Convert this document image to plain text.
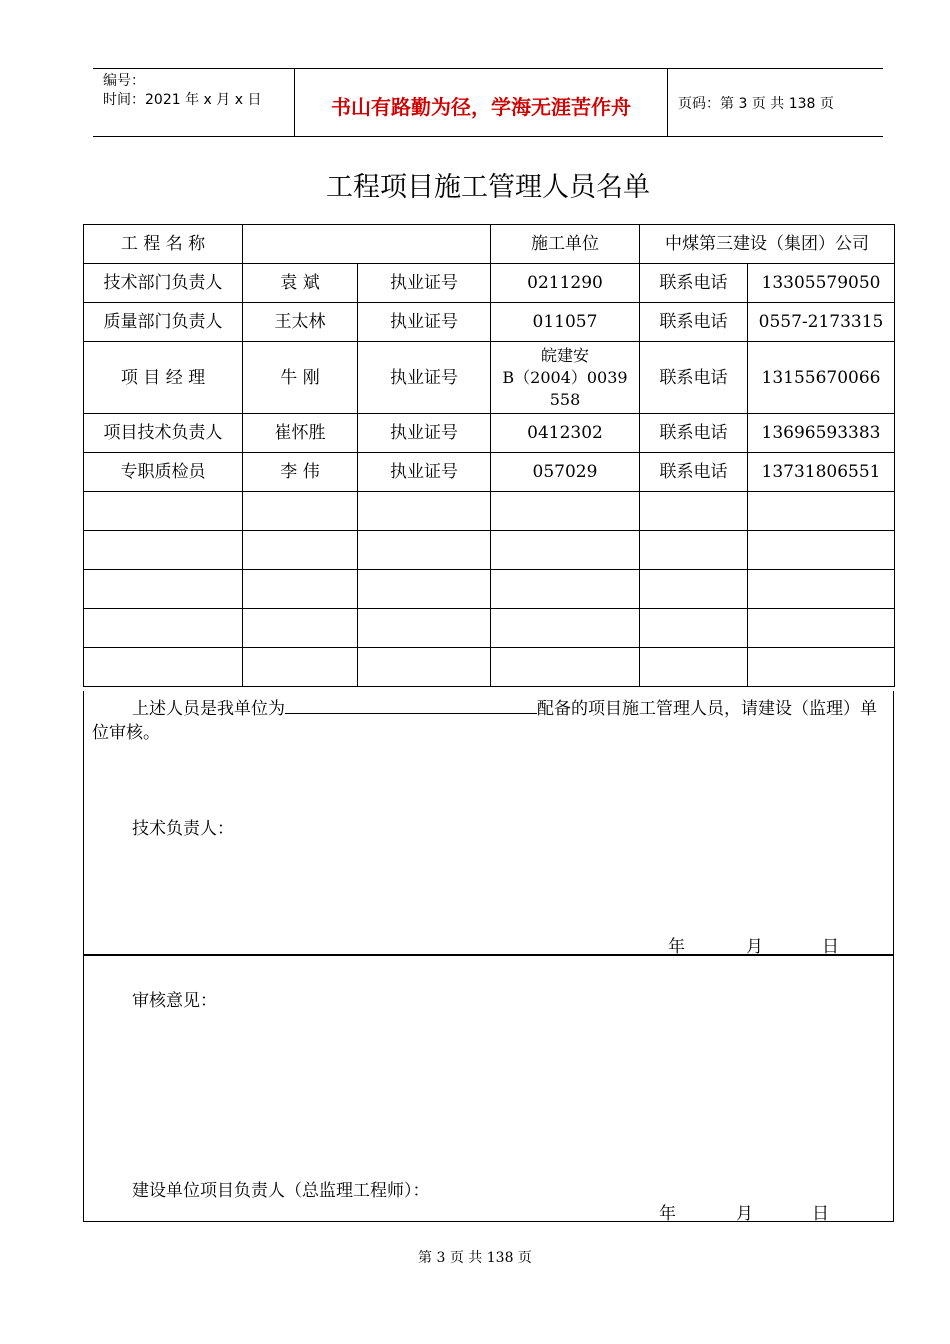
编号：
时间：2021 年 x 月 x 日	书山有路勤为径，学海无涯苦作舟	页码：第 3 页 共 138 页
工程项目施工管理人员名单
工 程 名 称			施工单位	中煤第三建设（集团）公司	
技术部门负责人	袁 斌	执业证号	0211290	联系电话	13305579050
质量部门负责人	王太林	执业证号	011057	联系电话	0557-2173315
项 目 经 理	牛 刚	执业证号	皖建安
B（2004）0039
558	联系电话	13155670066
项目技术负责人	崔怀胜	执业证号	0412302	联系电话	13696593383
专职质检员	李 伟	执业证号	057029	联系电话	13731806551

上述人员是我单位为	配备的项目施工管理人员，请建设（监理）单位审核。
技术负责人：
年	月	日
审核意见：
建设单位项目负责人（总监理工程师）：
年	月	日
第 3 页 共 138 页
